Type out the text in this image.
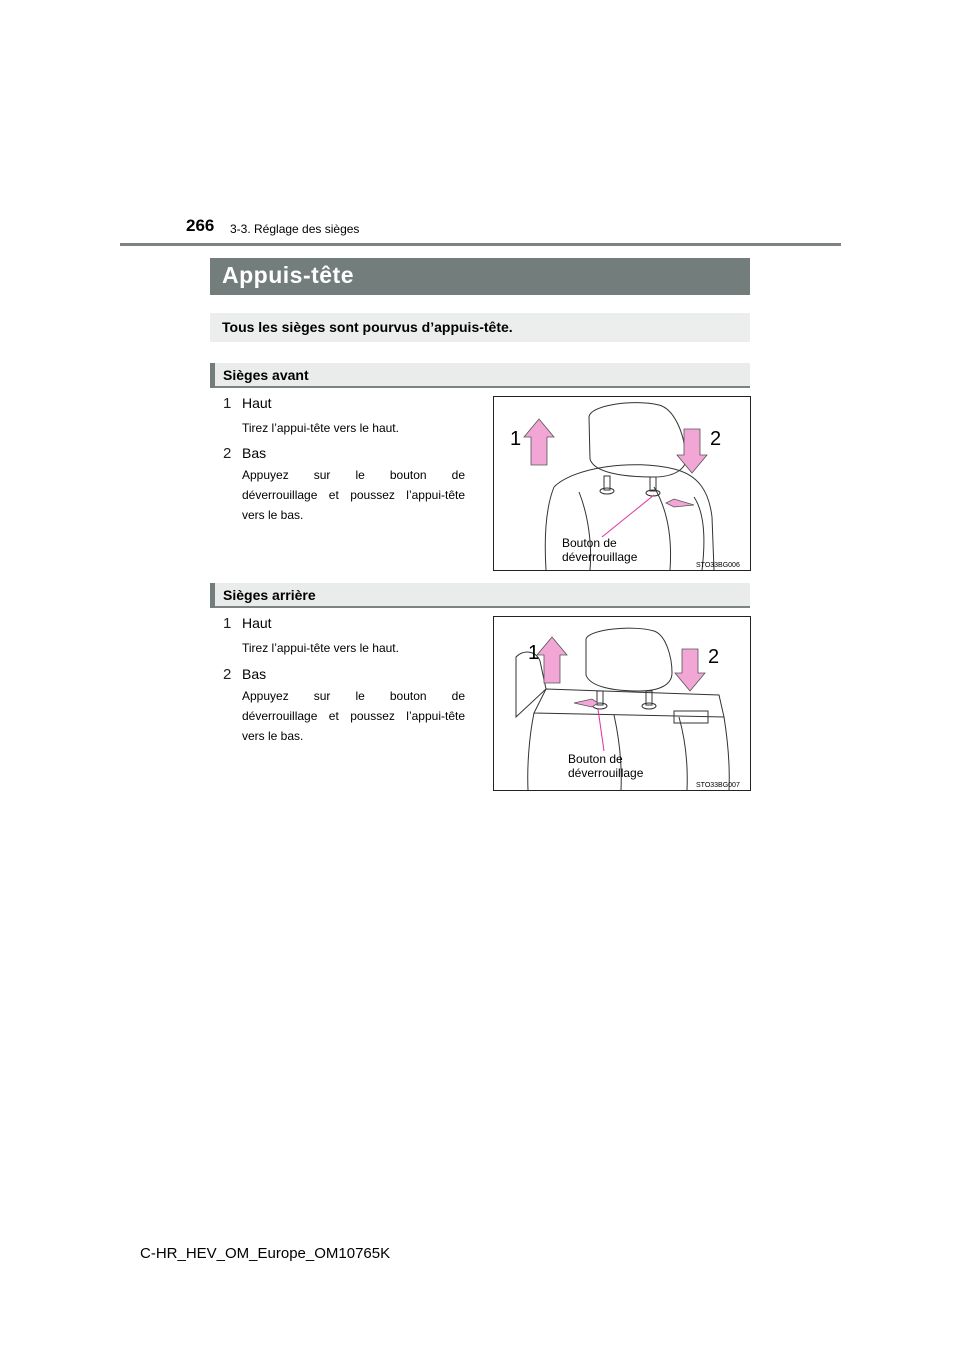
266 3-3. Réglage des sièges
Appuis-tête
Tous les sièges sont pourvus d’appuis-tête.
Sièges avant
1 Haut
Tirez l’appui-tête vers le haut.
2 Bas
Appuyez sur le bouton de
déverrouillage et poussez l’appui-tête
vers le bas.
1	2
Bouton de
déverrouillage
STO33BG006
Sièges arrière
1 Haut
Tirez l’appui-tête vers le haut.
2 Bas
Appuyez sur le bouton de
déverrouillage et poussez l’appui-tête
vers le bas.
1	2
Bouton de
déverrouillage
STO33BG007
C-HR_HEV_OM_Europe_OM10765K
